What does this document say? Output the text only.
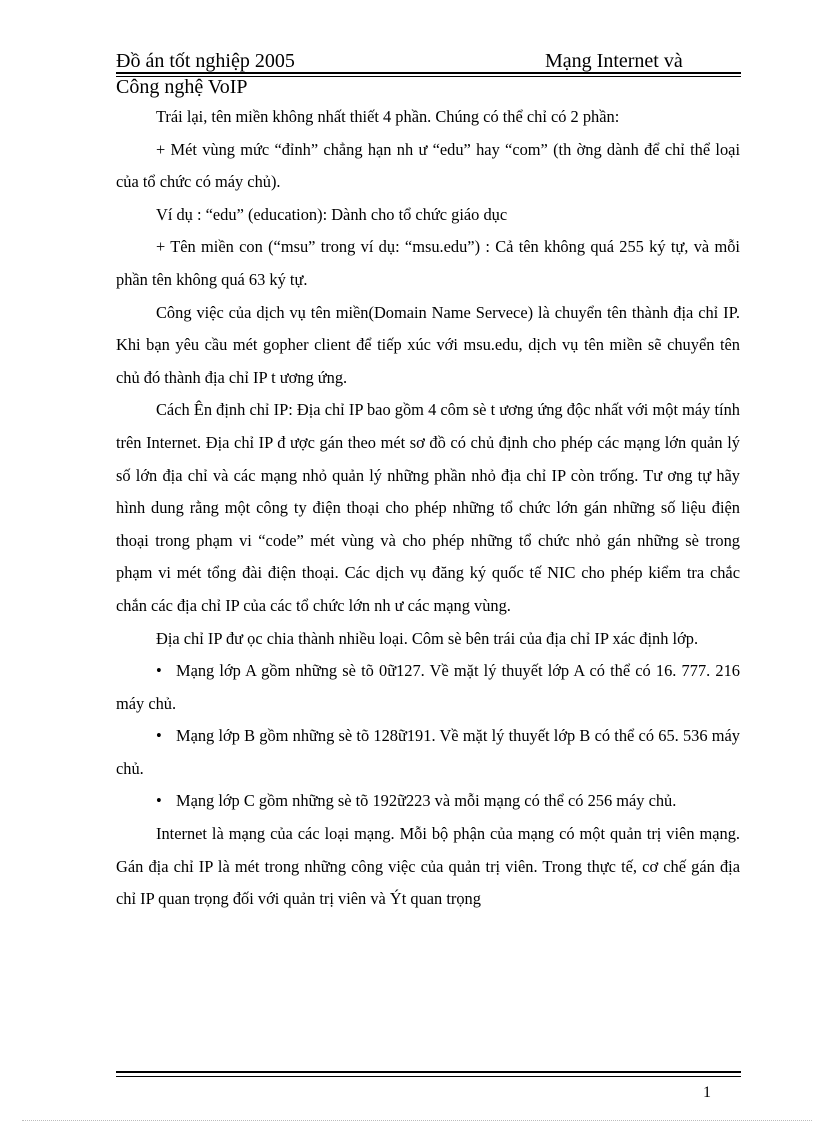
Đồ án tốt nghiệp 2005	Mạng Internet và
Công nghệ VoIP

Trái lại, tên miền không nhất thiết 4 phần. Chúng có thể chỉ có 2 phần:

+ Mét vùng mức “đỉnh” chẳng hạn nh ư “edu” hay “com” (th ờng dành để chỉ thể loại của tổ chức có máy chủ).

Ví dụ : “edu” (education): Dành cho tổ chức giáo dục

+ Tên miền con (“msu” trong ví dụ: “msu.edu”) : Cả tên không quá 255 ký tự, và mỗi phần tên không quá 63 ký tự.

Công việc của dịch vụ tên miền(Domain Name Servece) là chuyển tên thành địa chỉ IP. Khi bạn yêu cầu mét gopher client để tiếp xúc với msu.edu, dịch vụ tên miền sẽ chuyển tên chủ đó thành địa chỉ IP t ương ứng.

Cách Ên định chỉ IP: Địa chỉ IP bao gồm 4 côm sè t ương ứng độc nhất với một máy tính trên Internet. Địa chỉ IP đ ược gán theo mét sơ đồ có chủ định cho phép các mạng lớn quản lý số lớn địa chỉ và các mạng nhỏ quản lý những phần nhỏ địa chỉ IP còn trống. Tư ơng tự hãy hình dung rằng một công ty điện thoại cho phép những tổ chức lớn gán những số liệu điện thoại trong phạm vi “code” mét vùng và cho phép những tổ chức nhỏ gán những sè trong phạm vi mét tổng đài điện thoại. Các dịch vụ đăng ký quốc tế NIC cho phép kiểm tra chắc chắn các địa chỉ IP của các tổ chức lớn nh ư các mạng vùng.

Địa chỉ IP đư ọc chia thành nhiều loại. Côm sè bên trái của địa chỉ IP xác định lớp.

• Mạng lớp A gồm những sè tõ 0ữ127. Về mặt lý thuyết lớp A có thể có 16. 777. 216 máy chủ.

• Mạng lớp B gồm những sè tõ 128ữ191. Về mặt lý thuyết lớp B có thể có 65. 536 máy chủ.

• Mạng lớp C gồm những sè tõ 192ữ223 và mỗi mạng có thể có 256 máy chủ.

Internet là mạng của các loại mạng. Mỗi bộ phận của mạng có một quản trị viên mạng. Gán địa chỉ IP là mét trong những công việc của quản trị viên. Trong thực tế, cơ chế gán địa chỉ IP quan trọng đối với quản trị viên và Ýt quan trọng

1
